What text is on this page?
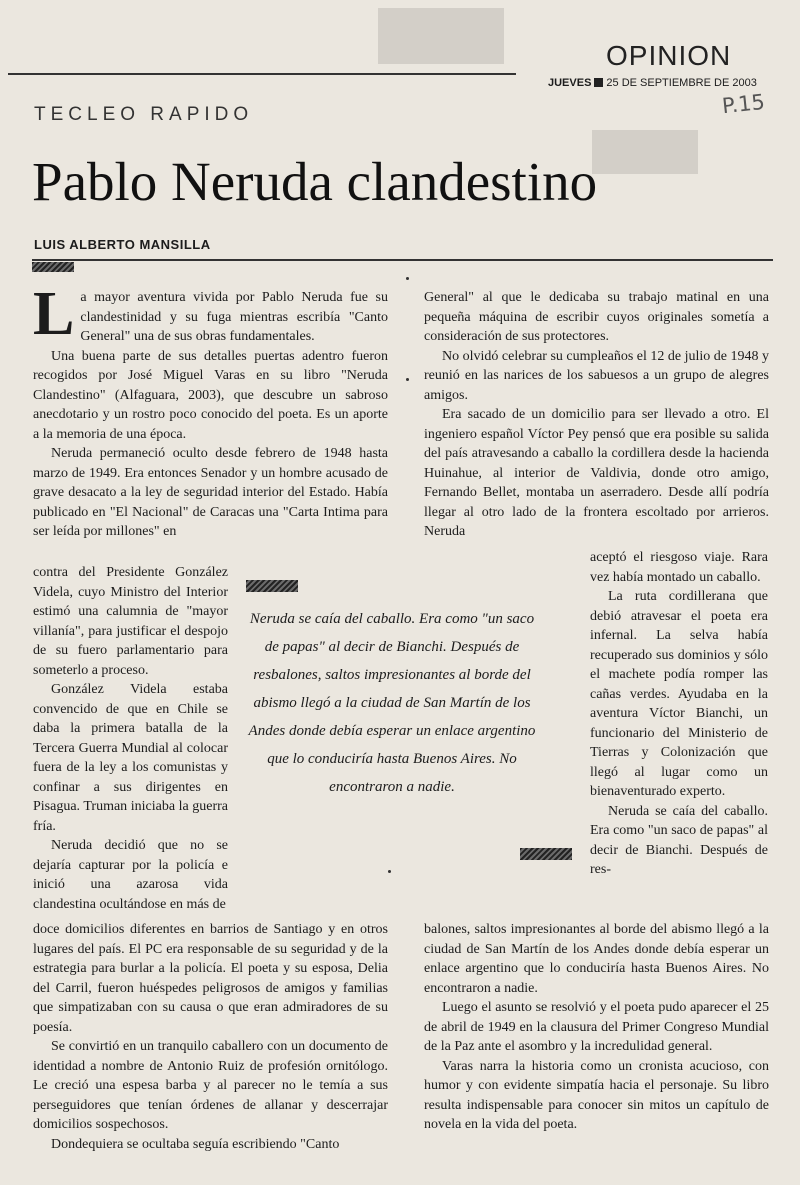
OPINION
JUEVES 25 DE SEPTIEMBRE DE 2003
P.15
TECLEO RAPIDO
Pablo Neruda clandestino
LUIS ALBERTO MANSILLA

La mayor aventura vivida por Pablo Neruda fue su clandestinidad y su fuga mientras escribía "Canto General" una de sus obras fundamentales.

Una buena parte de sus detalles puertas adentro fueron recogidos por José Miguel Varas en su libro "Neruda Clandestino" (Alfaguara, 2003), que descubre un sabroso anecdotario y un rostro poco conocido del poeta. Es un aporte a la memoria de una época.

Neruda permaneció oculto desde febrero de 1948 hasta marzo de 1949. Era entonces Senador y un hombre acusado de grave desacato a la ley de seguridad interior del Estado. Había publicado en "El Nacional" de Caracas una "Carta Intima para ser leída por millones" en

contra del Presidente González Videla, cuyo Ministro del Interior estimó una calumnia de "mayor villanía", para justificar el despojo de su fuero parlamentario para someterlo a proceso.

González Videla estaba convencido de que en Chile se daba la primera batalla de la Tercera Guerra Mundial al colocar fuera de la ley a los comunistas y confinar a sus dirigentes en Pisagua. Truman iniciaba la guerra fría.

Neruda decidió que no se dejaría capturar por la policía e inició una azarosa vida clandestina ocultándose en más de

doce domicilios diferentes en barrios de Santiago y en otros lugares del país. El PC era responsable de su seguridad y de la estrategia para burlar a la policía. El poeta y su esposa, Delia del Carril, fueron huéspedes peligrosos de amigos y familias que simpatizaban con su causa o que eran admiradores de su poesía.

Se convirtió en un tranquilo caballero con un documento de identidad a nombre de Antonio Ruiz de profesión ornitólogo. Le creció una espesa barba y al parecer no le temía a sus perseguidores que tenían órdenes de allanar y descerrajar domicilios sospechosos.

Dondequiera se ocultaba seguía escribiendo "Canto

General" al que le dedicaba su trabajo matinal en una pequeña máquina de escribir cuyos originales sometía a consideración de sus protectores.

No olvidó celebrar su cumpleaños el 12 de julio de 1948 y reunió en las narices de los sabuesos a un grupo de alegres amigos.

Era sacado de un domicilio para ser llevado a otro. El ingeniero español Víctor Pey pensó que era posible su salida del país atravesando a caballo la cordillera desde la hacienda Huinahue, al interior de Valdivia, donde otro amigo, Fernando Bellet, montaba un aserradero. Desde allí podría llegar al otro lado de la frontera escoltado por arrieros. Neruda

aceptó el riesgoso viaje. Rara vez había montado un caballo.

La ruta cordillerana que debió atravesar el poeta era infernal. La selva había recuperado sus dominios y sólo el machete podía romper las cañas verdes. Ayudaba en la aventura Víctor Bianchi, un funcionario del Ministerio de Tierras y Colonización que llegó al lugar como un bienaventurado experto.

Neruda se caía del caballo. Era como "un saco de papas" al decir de Bianchi. Después de res-

balones, saltos impresionantes al borde del abismo llegó a la ciudad de San Martín de los Andes donde debía esperar un enlace argentino que lo conduciría hasta Buenos Aires. No encontraron a nadie.

Luego el asunto se resolvió y el poeta pudo aparecer el 25 de abril de 1949 en la clausura del Primer Congreso Mundial de la Paz ante el asombro y la incredulidad general.

Varas narra la historia como un cronista acucioso, con humor y con evidente simpatía hacia el personaje. Su libro resulta indispensable para conocer sin mitos un capítulo de novela en la vida del poeta.

Neruda se caía del caballo. Era como "un saco de papas" al decir de Bianchi. Después de resbalones, saltos impresionantes al borde del abismo llegó a la ciudad de San Martín de los Andes donde debía esperar un enlace argentino que lo conduciría hasta Buenos Aires. No encontraron a nadie.
